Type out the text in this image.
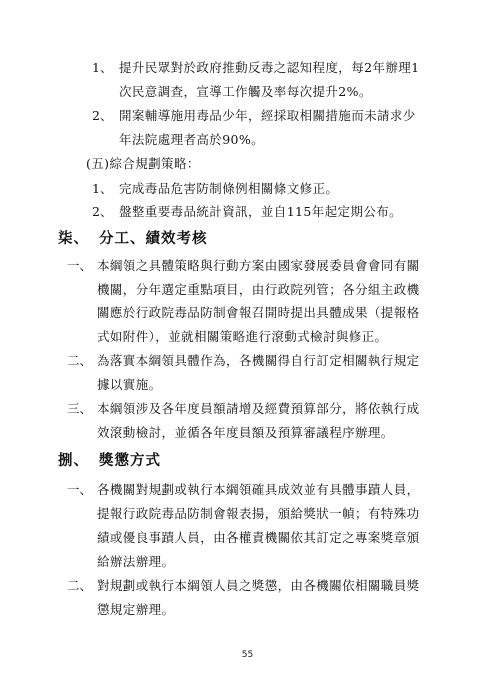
1、 提升民眾對於政府推動反毒之認知程度，每2年辦理1
次民意調查，宣導工作觸及率每次提升2%。
2、 開案輔導施用毒品少年，經採取相關措施而未請求少
年法院處理者高於90%。
(五)綜合規劃策略：
1、 完成毒品危害防制條例相關條文修正。
2、 盤整重要毒品統計資訊，並自115年起定期公布。
柒、 分工、績效考核
一、 本綱領之具體策略與行動方案由國家發展委員會會同有關
機關，分年選定重點項目，由行政院列管；各分組主政機
關應於行政院毒品防制會報召開時提出具體成果（提報格
式如附件），並就相關策略進行滾動式檢討與修正。
二、 為落實本綱領具體作為，各機關得自行訂定相關執行規定
據以實施。
三、 本綱領涉及各年度員額請增及經費預算部分，將依執行成
效滾動檢討，並循各年度員額及預算審議程序辦理。
捌、 獎懲方式
一、 各機關對規劃或執行本綱領確具成效並有具體事蹟人員，
提報行政院毒品防制會報表揚，頒給獎狀一幀；有特殊功
績或優良事蹟人員，由各權責機關依其訂定之專案獎章頒
給辦法辦理。
二、 對規劃或執行本綱領人員之獎懲，由各機關依相關職員獎
懲規定辦理。
55
